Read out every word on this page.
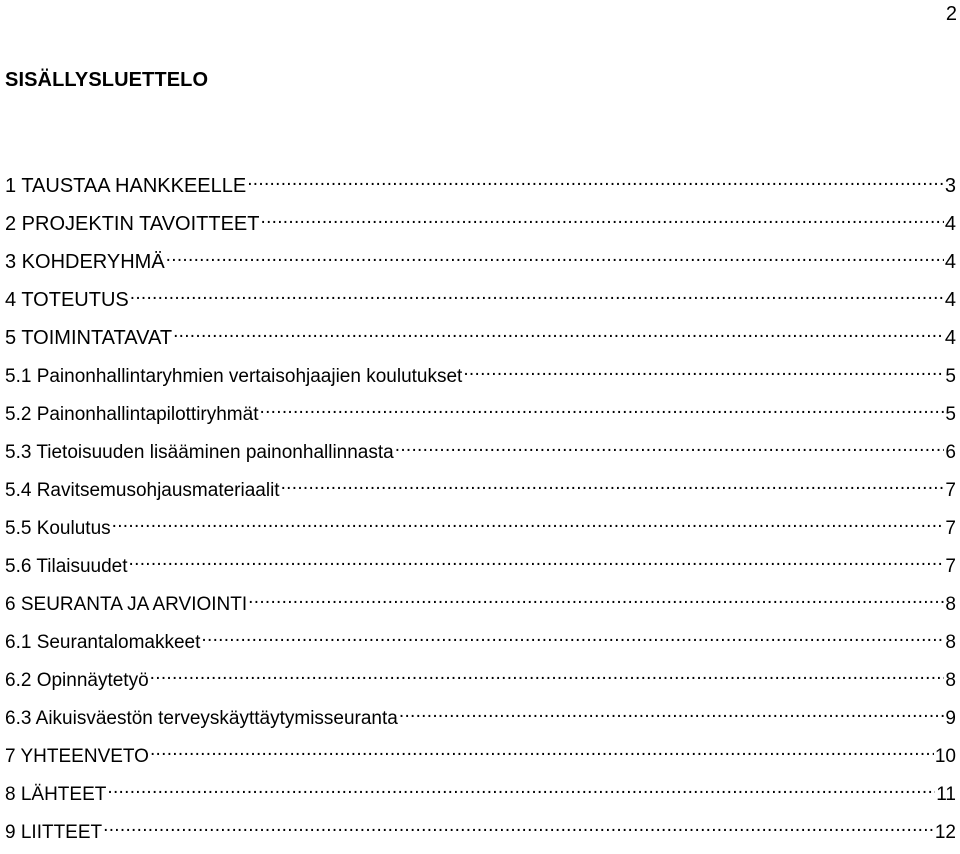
2
SISÄLLYSLUETTELO
1 TAUSTAA HANKKEELLE .....	3
2 PROJEKTIN TAVOITTEET .....	4
3 KOHDERYHMÄ .....	4
4 TOTEUTUS .....	4
5 TOIMINTATAVAT .....	4
5.1 Painonhallintaryhmien vertaisohjaajien koulutukset .....	5
5.2 Painonhallintapilottiryhmät .....	5
5.3 Tietoisuuden lisääminen painonhallinnasta .....	6
5.4 Ravitsemusohjausmateriaalit .....	7
5.5 Koulutus .....	7
5.6 Tilaisuudet .....	7
6 SEURANTA JA ARVIOINTI .....	8
6.1 Seurantalomakkeet .....	8
6.2 Opinnäytetyö .....	8
6.3 Aikuisväestön terveyskäyttäytymisseuranta .....	9
7 YHTEENVETO .....	10
8 LÄHTEET .....	11
9 LIITTEET .....	12
